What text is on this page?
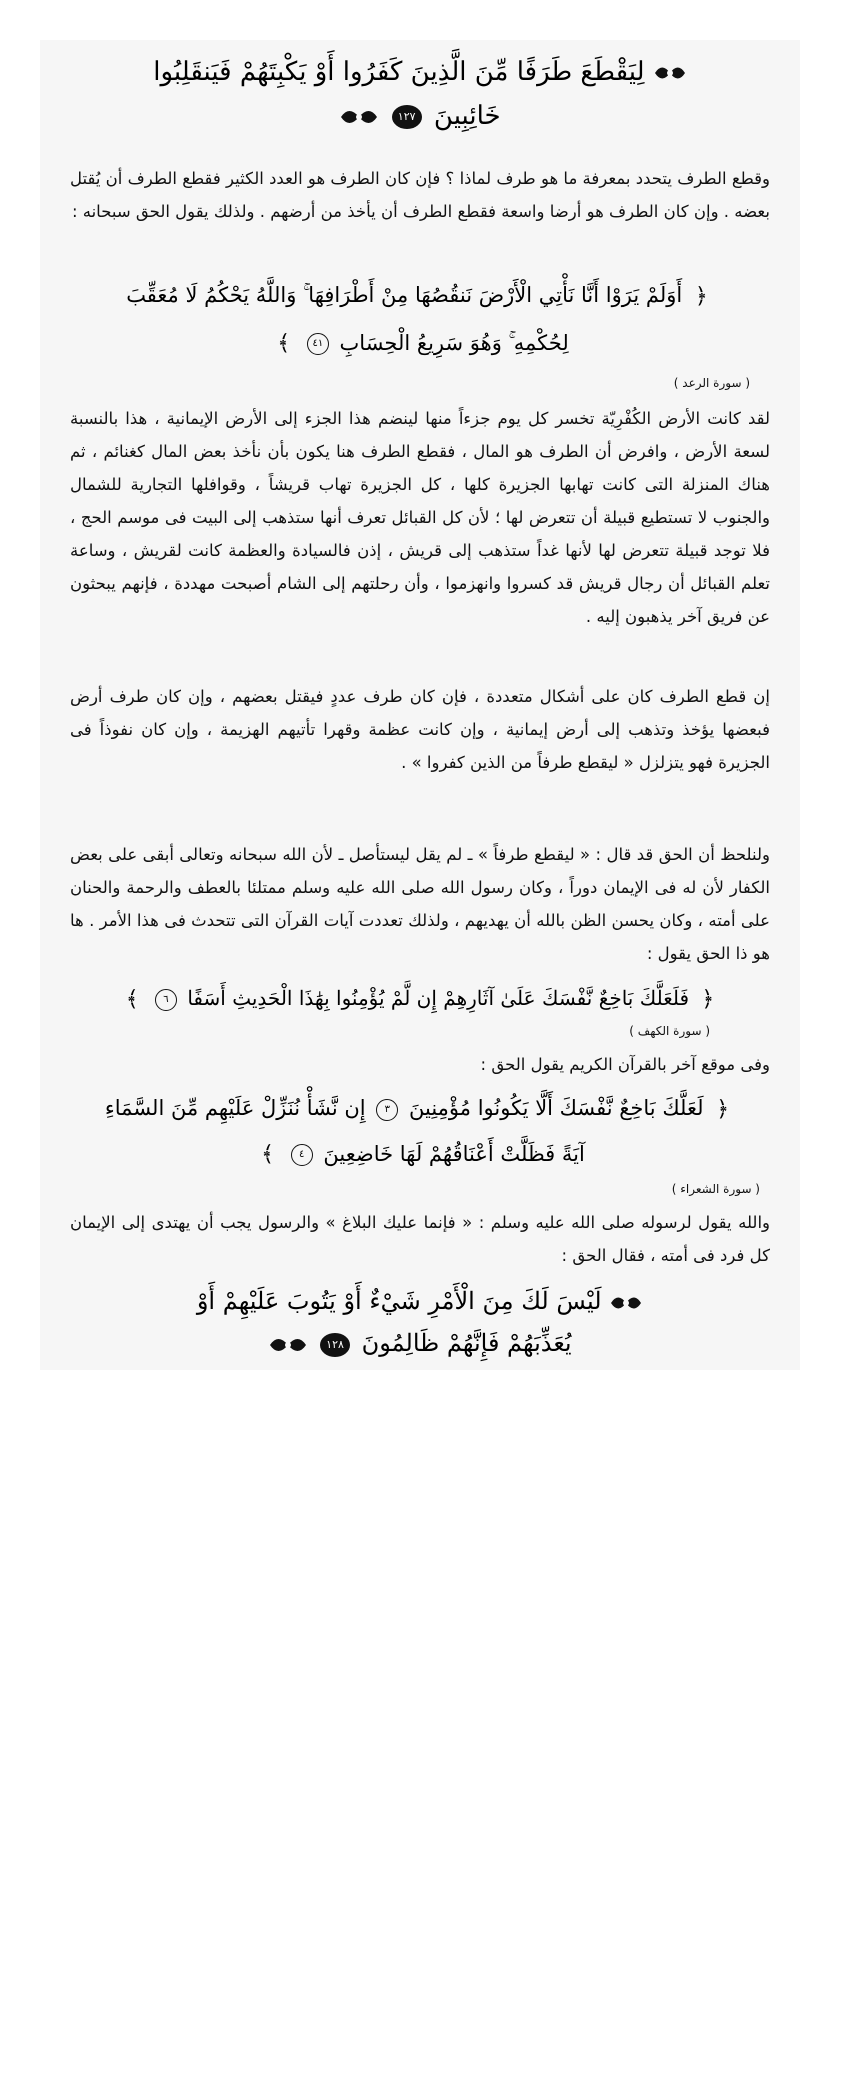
لِيَقْطَعَ طَرَفًا مِّنَ الَّذِينَ كَفَرُوا أَوْ يَكْبِتَهُمْ فَيَنقَلِبُوا
خَائِبِينَ ١٢٧
وقطع الطرف يتحدد بمعرفة ما هو طرف لماذا ؟ فإن كان الطرف هو العدد الكثير فقطع الطرف أن يُقتل بعضه . وإن كان الطرف هو أرضا واسعة فقطع الطرف أن يأخذ من أرضهم . ولذلك يقول الحق سبحانه :
﴿ أَوَلَمْ يَرَوْا أَنَّا نَأْتِي الْأَرْضَ نَنقُصُهَا مِنْ أَطْرَافِهَا ۚ وَاللَّهُ يَحْكُمُ لَا مُعَقِّبَ
لِحُكْمِهِ ۚ وَهُوَ سَرِيعُ الْحِسَابِ ٤١ ﴾
( سورة الرعد )
لقد كانت الأرض الكُفْرِيّة تخسر كل يوم جزءاً منها لينضم هذا الجزء إلى الأرض الإيمانية ، هذا بالنسبة لسعة الأرض ، وافرض أن الطرف هو المال ، فقطع الطرف هنا يكون بأن نأخذ بعض المال كغنائم ، ثم هناك المنزلة التى كانت تهابها الجزيرة كلها ، كل الجزيرة تهاب قريشاً ، وقوافلها التجارية للشمال والجنوب لا تستطيع قبيلة أن تتعرض لها ؛ لأن كل القبائل تعرف أنها ستذهب إلى البيت فى موسم الحج ، فلا توجد قبيلة تتعرض لها لأنها غداً ستذهب إلى قريش ، إذن فالسيادة والعظمة كانت لقريش ، وساعة تعلم القبائل أن رجال قريش قد كسروا وانهزموا ، وأن رحلتهم إلى الشام أصبحت مهددة ، فإنهم يبحثون عن فريق آخر يذهبون إليه .
إن قطع الطرف كان على أشكال متعددة ، فإن كان طرف عددٍ فيقتل بعضهم ، وإن كان طرف أرض فبعضها يؤخذ وتذهب إلى أرض إيمانية ، وإن كانت عظمة وقهرا تأتيهم الهزيمة ، وإن كان نفوذاً فى الجزيرة فهو يتزلزل « ليقطع طرفاً من الذين كفروا » .
ولنلحظ أن الحق قد قال : « ليقطع طرفاً » ـ لم يقل ليستأصل ـ لأن الله سبحانه وتعالى أبقى على بعض الكفار لأن له فى الإيمان دوراً ، وكان رسول الله صلى الله عليه وسلم ممتلئا بالعطف والرحمة والحنان على أمته ، وكان يحسن الظن بالله أن يهديهم ، ولذلك تعددت آيات القرآن التى تتحدث فى هذا الأمر . ها هو ذا الحق يقول :
﴿ فَلَعَلَّكَ بَاخِعٌ نَّفْسَكَ عَلَىٰ آثَارِهِمْ إِن لَّمْ يُؤْمِنُوا بِهَٰذَا الْحَدِيثِ أَسَفًا ٦ ﴾
( سورة الكهف )
وفى موقع آخر بالقرآن الكريم يقول الحق :
﴿ لَعَلَّكَ بَاخِعٌ نَّفْسَكَ أَلَّا يَكُونُوا مُؤْمِنِينَ ٣ إِن نَّشَأْ نُنَزِّلْ عَلَيْهِم مِّنَ السَّمَاءِ
آيَةً فَظَلَّتْ أَعْنَاقُهُمْ لَهَا خَاضِعِينَ ٤ ﴾
( سورة الشعراء )
والله يقول لرسوله صلى الله عليه وسلم : « فإنما عليك البلاغ » والرسول يجب أن يهتدى إلى الإيمان كل فرد فى أمته ، فقال الحق :
لَيْسَ لَكَ مِنَ الْأَمْرِ شَيْءٌ أَوْ يَتُوبَ عَلَيْهِمْ أَوْ
يُعَذِّبَهُمْ فَإِنَّهُمْ ظَالِمُونَ ١٢٨
